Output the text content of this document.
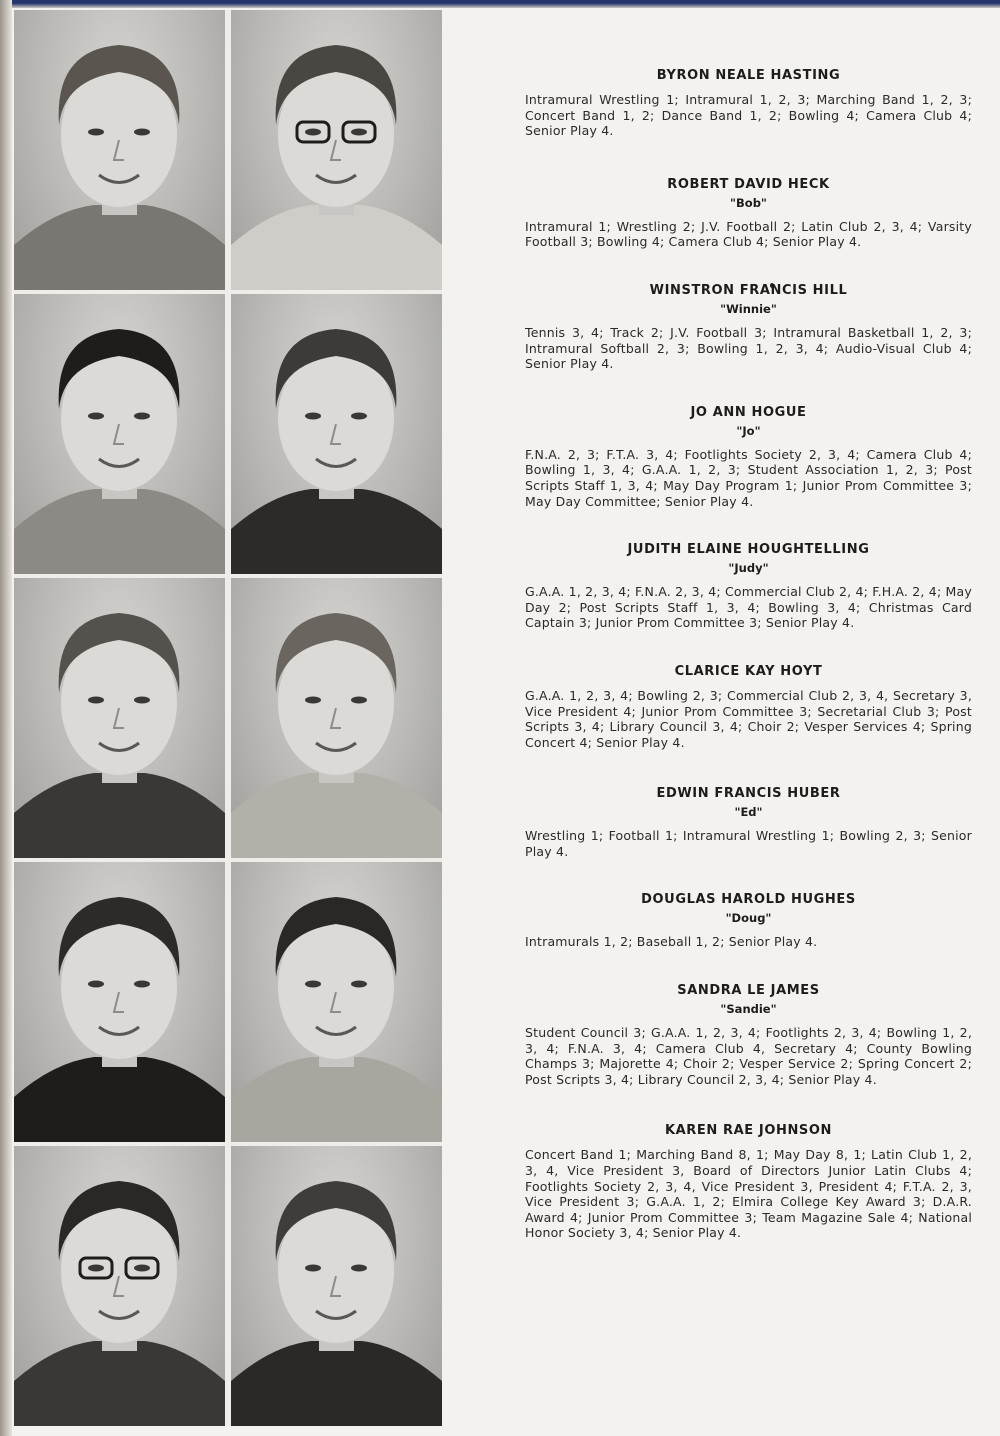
BYRON NEALE HASTING

Intramural Wrestling 1; Intramural 1, 2, 3; Marching Band 1, 2, 3; Concert Band 1, 2; Dance Band 1, 2; Bowling 4; Camera Club 4; Senior Play 4.

ROBERT DAVID HECK

"Bob"

Intramural 1; Wrestling 2; J.V. Football 2; Latin Club 2, 3, 4; Varsity Football 3; Bowling 4; Camera Club 4; Senior Play 4.

WINSTRON FRANCIS HILL

"Winnie"

Tennis 3, 4; Track 2; J.V. Football 3; Intramural Basketball 1, 2, 3; Intramural Softball 2, 3; Bowling 1, 2, 3, 4; Audio-Visual Club 4; Senior Play 4.

JO ANN HOGUE

"Jo"

F.N.A. 2, 3; F.T.A. 3, 4; Footlights Society 2, 3, 4; Camera Club 4; Bowling 1, 3, 4; G.A.A. 1, 2, 3; Student Association 1, 2, 3; Post Scripts Staff 1, 3, 4; May Day Program 1; Junior Prom Committee 3; May Day Committee; Senior Play 4.

JUDITH ELAINE HOUGHTELLING

"Judy"

G.A.A. 1, 2, 3, 4; F.N.A. 2, 3, 4; Commercial Club 2, 4; F.H.A. 2, 4; May Day 2; Post Scripts Staff 1, 3, 4; Bowling 3, 4; Christmas Card Captain 3; Junior Prom Committee 3; Senior Play 4.

CLARICE KAY HOYT

G.A.A. 1, 2, 3, 4; Bowling 2, 3; Commercial Club 2, 3, 4, Secretary 3, Vice President 4; Junior Prom Committee 3; Secretarial Club 3; Post Scripts 3, 4; Library Council 3, 4; Choir 2; Vesper Services 4; Spring Concert 4; Senior Play 4.

EDWIN FRANCIS HUBER

"Ed"

Wrestling 1; Football 1; Intramural Wrestling 1; Bowling 2, 3; Senior Play 4.

DOUGLAS HAROLD HUGHES

"Doug"

Intramurals 1, 2; Baseball 1, 2; Senior Play 4.

SANDRA LE JAMES

"Sandie"

Student Council 3; G.A.A. 1, 2, 3, 4; Footlights 2, 3, 4; Bowling 1, 2, 3, 4; F.N.A. 3, 4; Camera Club 4, Secretary 4; County Bowling Champs 3; Majorette 4; Choir 2; Vesper Service 2; Spring Concert 2; Post Scripts 3, 4; Library Council 2, 3, 4; Senior Play 4.

KAREN RAE JOHNSON

Concert Band 1; Marching Band 8, 1; May Day 8, 1; Latin Club 1, 2, 3, 4, Vice President 3, Board of Directors Junior Latin Clubs 4; Footlights Society 2, 3, 4, Vice President 3, President 4; F.T.A. 2, 3, Vice President 3; G.A.A. 1, 2; Elmira College Key Award 3; D.A.R. Award 4; Junior Prom Committee 3; Team Magazine Sale 4; National Honor Society 3, 4; Senior Play 4.
